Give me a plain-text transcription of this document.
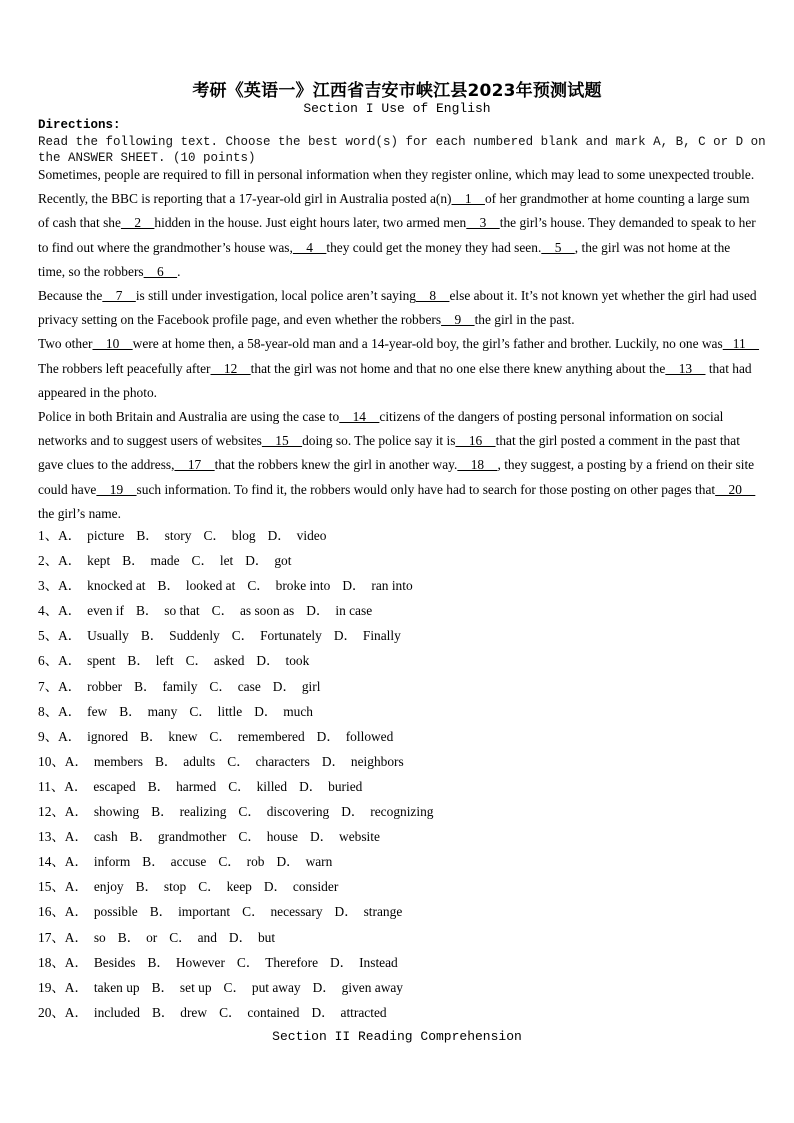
考研《英语一》江西省吉安市峡江县2023年预测试题
Section I Use of English
Directions:
Read the following text. Choose the best word(s) for each numbered blank and mark A, B, C or D on the ANSWER SHEET. (10 points)

Sometimes, people are required to fill in personal information when they register online, which may lead to some unexpected trouble. Recently, the BBC is reporting that a 17-year-old girl in Australia posted a(n)  1  of her grandmother at home counting a large sum of cash that she  2  hidden in the house. Just eight hours later, two armed men  3  the girl’s house. They demanded to speak to her to find out where the grandmother’s house was,  4  they could get the money they had seen.  5  , the girl was not home at the time, so the robbers  6  .

Because the  7  is still under investigation, local police aren’t saying  8  else about it. It’s not known yet whether the girl had used privacy setting on the Facebook profile page, and even whether the robbers  9  the girl in the past.

Two other  10  were at home then, a 58-year-old man and a 14-year-old boy, the girl’s father and brother. Luckily, no one was  11  The robbers left peacefully after  12  that the girl was not home and that no one else there knew anything about the  13   that had appeared in the photo.

Police in both Britain and Australia are using the case to  14  citizens of the dangers of posting personal information on social networks and to suggest users of websites  15  doing so. The police say it is  16  that the girl posted a comment in the past that gave clues to the address,  17  that the robbers knew the girl in another way.  18  , they suggest, a posting by a friend on their site could have  19  such information. To find it, the robbers would only have had to search for those posting on other pages that  20  the girl’s name.

1、A． picture B． story C． blog D． video
2、A． kept B． made C． let D． got
3、A． knocked at B． looked at C． broke into D． ran into
4、A． even if B． so that C． as soon as D． in case
5、A． Usually B． Suddenly C． Fortunately D． Finally
6、A． spent B． left C． asked D． took
7、A． robber B． family C． case D． girl
8、A． few B． many C． little D． much
9、A． ignored B． knew C． remembered D． followed
10、A． members B． adults C． characters D． neighbors
11、A． escaped B． harmed C． killed D． buried
12、A． showing B． realizing C． discovering D． recognizing
13、A． cash B． grandmother C． house D． website
14、A． inform B． accuse C． rob D． warn
15、A． enjoy B． stop C． keep D． consider
16、A． possible B． important C． necessary D． strange
17、A． so B． or C． and D． but
18、A． Besides B． However C． Therefore D． Instead
19、A． taken up B． set up C． put away D． given away
20、A． included B． drew C． contained D． attracted
Section II Reading Comprehension
